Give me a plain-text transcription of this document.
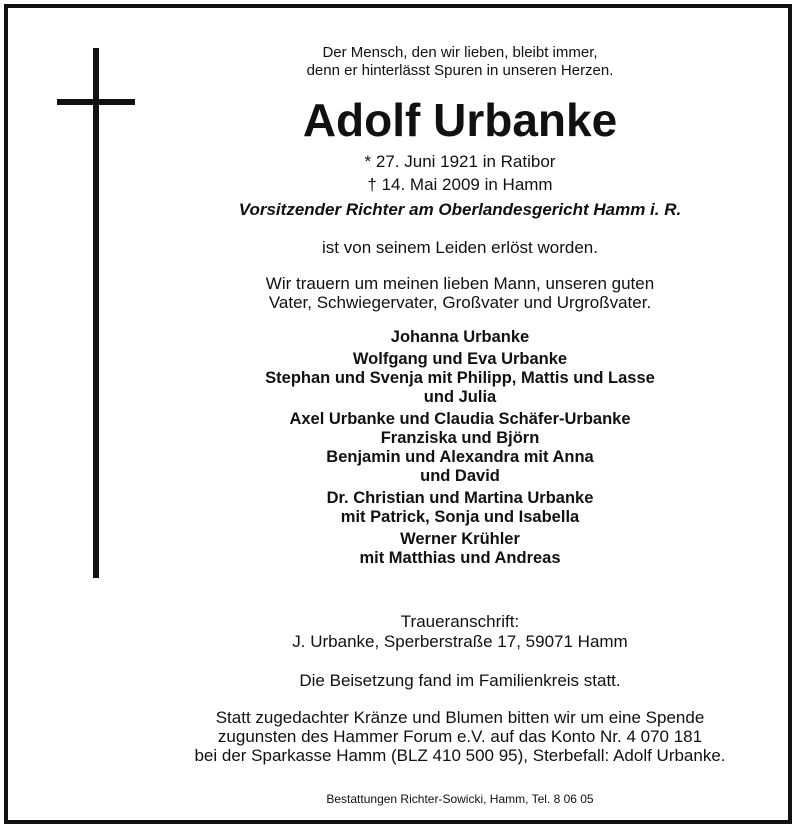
Der Mensch, den wir lieben, bleibt immer,
denn er hinterlässt Spuren in unseren Herzen.
Adolf Urbanke
* 27. Juni 1921 in Ratibor
† 14. Mai 2009 in Hamm
Vorsitzender Richter am Oberlandesgericht Hamm i. R.
ist von seinem Leiden erlöst worden.
Wir trauern um meinen lieben Mann, unseren guten
Vater, Schwiegervater, Großvater und Urgroßvater.
Johanna Urbanke
Wolfgang und Eva Urbanke
Stephan und Svenja mit Philipp, Mattis und Lasse
und Julia
Axel Urbanke und Claudia Schäfer-Urbanke
Franziska und Björn
Benjamin und Alexandra mit Anna
und David
Dr. Christian und Martina Urbanke
mit Patrick, Sonja und Isabella
Werner Krühler
mit Matthias und Andreas
Traueranschrift:
J. Urbanke, Sperberstraße 17, 59071 Hamm
Die Beisetzung fand im Familienkreis statt.
Statt zugedachter Kränze und Blumen bitten wir um eine Spende
zugunsten des Hammer Forum e.V. auf das Konto Nr. 4 070 181
bei der Sparkasse Hamm (BLZ 410 500 95), Sterbefall: Adolf Urbanke.
Bestattungen Richter-Sowicki, Hamm, Tel. 8 06 05
